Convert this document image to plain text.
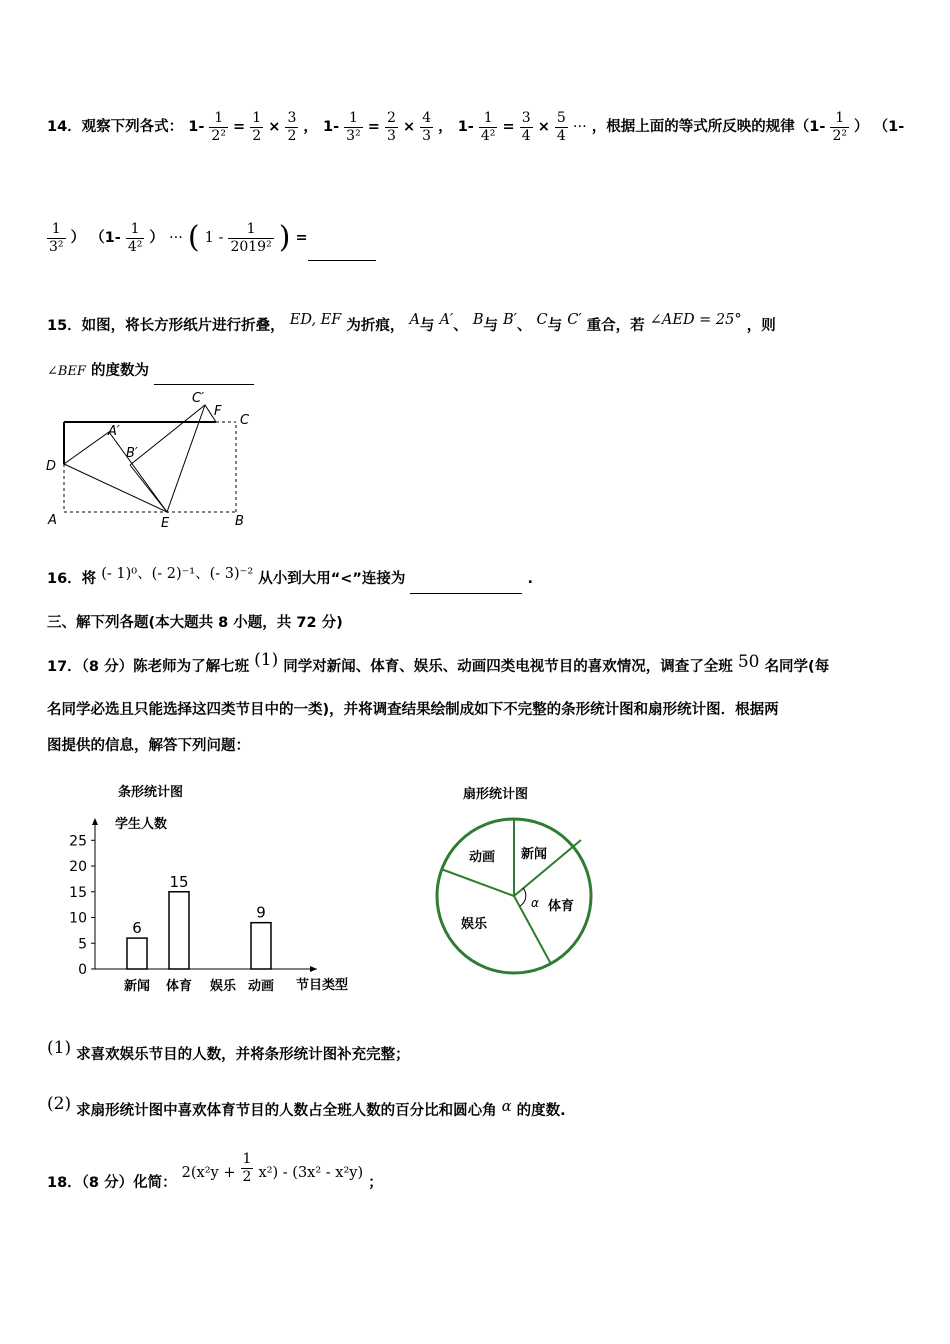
14．观察下列各式： $1- \frac{1}{\text{2²}} = \frac{1}{2} \times \frac{3}{2}$ ， $1- \frac{1}{\text{3²}} = \frac{2}{3} \times \frac{4}{3}$ ， $1- \frac{1}{\text{4²}} = \frac{3}{4} \times \frac{5}{4}$ ··· ，根据上面的等式所反映的规律（$1- \frac{1}{\text{2²}}$ ） （1-
$\frac{1}{\text{3²}}$ ） （$1- \frac{1}{\text{4²}}$ ） ··· ( $1 - \frac{1}{\text{2019²}}$ ) =
15．如图，将长方形纸片进行折叠， ED, EF 为折痕， A与 A′、 B与 B′、 C与 C′ 重合，若 ∠AED = 25° ，则
∠BEF 的度数为
D
A	E	B
C
F
C′
A′
B′
16．将 (- 1)⁰、(- 2)⁻¹、(- 3)⁻² 从小到大用“<”连接为	.
三、解下列各题(本大题共 8 小题，共 72 分)
17．（8 分）陈老师为了解七班 (1) 同学对新闻、体育、娱乐、动画四类电视节目的喜欢情况，调查了全班 50 名同学(每
名同学必选且只能选择这四类节目中的一类)，并将调查结果绘制成如下不完整的条形统计图和扇形统计图．根据两
图提供的信息，解答下列问题：
条形统计图
学生人数
节目类型
0
5
10
15
20
25
新闻 体育 娱乐 动画
6
15
9
扇形统计图
α
新闻
体育
娱乐
动画
(1) 求喜欢娱乐节目的人数，并将条形统计图补充完整；
(2) 求扇形统计图中喜欢体育节目的人数占全班人数的百分比和圆心角 α 的度数.
18．（8 分）化简： $2(x^2y + \frac{1}{2} x^2) - (3x^2 - x^2y)$ ；
